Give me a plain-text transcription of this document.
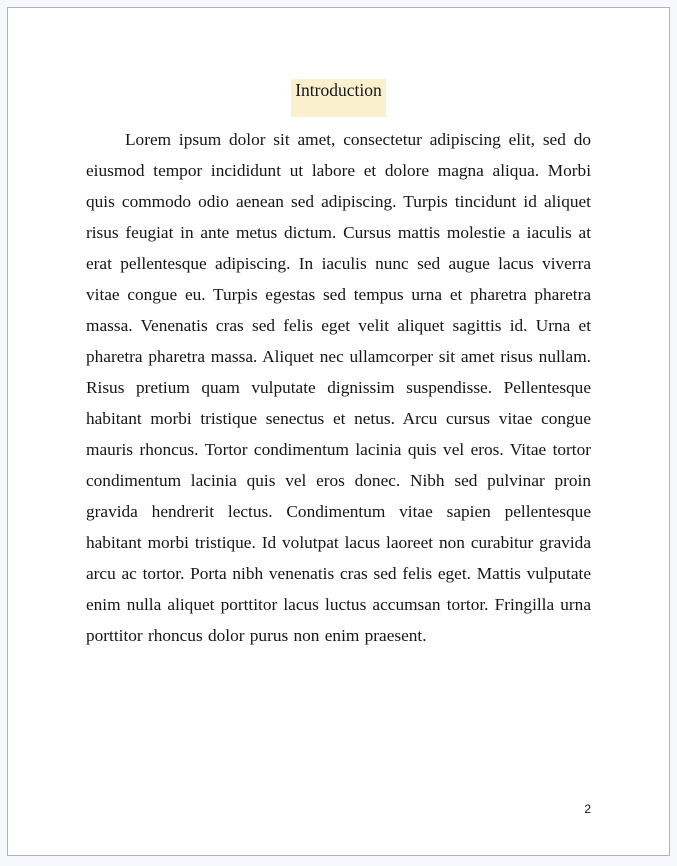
Introduction

Lorem ipsum dolor sit amet, consectetur adipiscing elit, sed do eiusmod tempor incididunt ut labore et dolore magna aliqua. Morbi quis commodo odio aenean sed adipiscing. Turpis tincidunt id aliquet risus feugiat in ante metus dictum. Cursus mattis molestie a iaculis at erat pellentesque adipiscing. In iaculis nunc sed augue lacus viverra vitae congue eu. Turpis egestas sed tempus urna et pharetra pharetra massa. Venenatis cras sed felis eget velit aliquet sagittis id. Urna et pharetra pharetra massa. Aliquet nec ullamcorper sit amet risus nullam. Risus pretium quam vulputate dignissim suspendisse. Pellentesque habitant morbi tristique senectus et netus. Arcu cursus vitae congue mauris rhoncus. Tortor condimentum lacinia quis vel eros. Vitae tortor condimentum lacinia quis vel eros donec. Nibh sed pulvinar proin gravida hendrerit lectus. Condimentum vitae sapien pellentesque habitant morbi tristique. Id volutpat lacus laoreet non curabitur gravida arcu ac tortor. Porta nibh venenatis cras sed felis eget. Mattis vulputate enim nulla aliquet porttitor lacus luctus accumsan tortor. Fringilla urna porttitor rhoncus dolor purus non enim praesent.

2
